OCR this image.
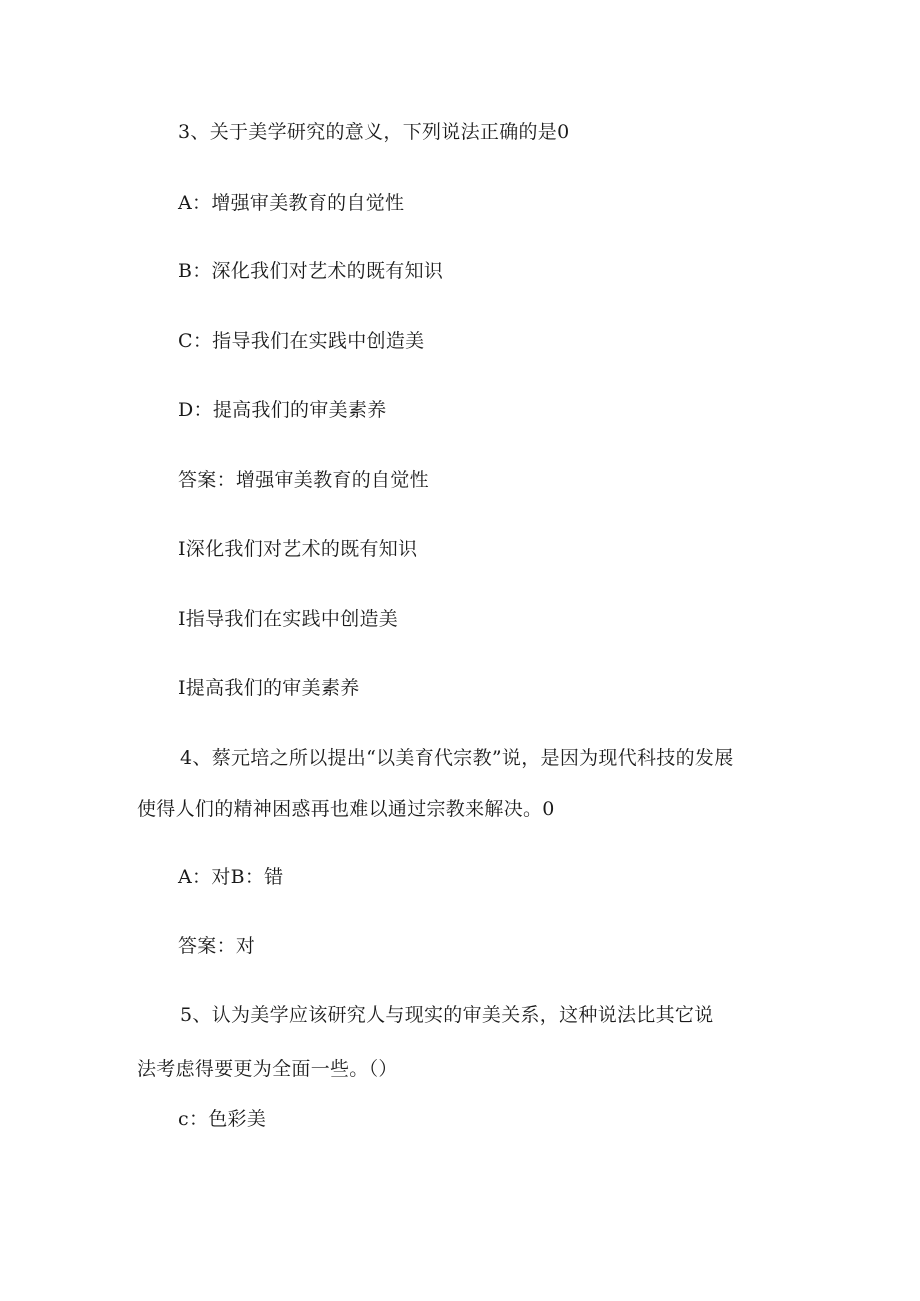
3、关于美学研究的意义，下列说法正确的是0
A：增强审美教育的自觉性
B：深化我们对艺术的既有知识
C：指导我们在实践中创造美
D：提高我们的审美素养
答案：增强审美教育的自觉性
I深化我们对艺术的既有知识
I指导我们在实践中创造美
I提高我们的审美素养
4、蔡元培之所以提出“以美育代宗教”说，是因为现代科技的发展
使得人们的精神困惑再也难以通过宗教来解决。0
A：对B：错
答案：对
5、认为美学应该研究人与现实的审美关系，这种说法比其它说
法考虑得要更为全面一些。（）
c：色彩美
